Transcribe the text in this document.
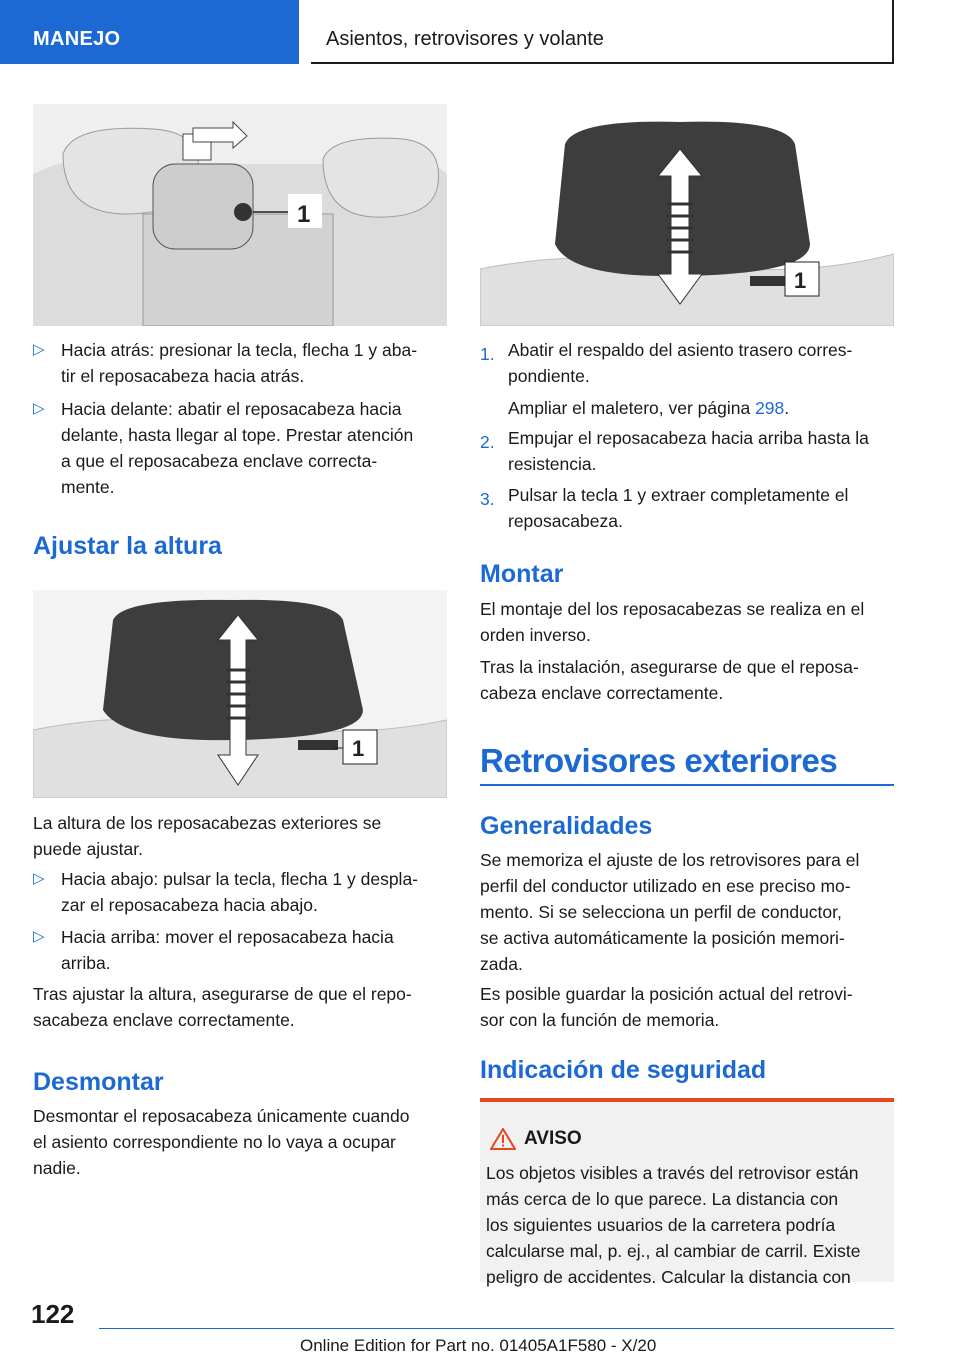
MANEJO	Asientos, retrovisores y volante
1
▷ Hacia atrás: presionar la tecla, flecha 1 y aba-
tir el reposacabeza hacia atrás.
▷ Hacia delante: abatir el reposacabeza hacia
delante, hasta llegar al tope. Prestar atención
a que el reposacabeza enclave correcta-
mente.
Ajustar la altura
1
La altura de los reposacabezas exteriores se
puede ajustar.
▷ Hacia abajo: pulsar la tecla, flecha 1 y despla-
zar el reposacabeza hacia abajo.
▷ Hacia arriba: mover el reposacabeza hacia
arriba.
Tras ajustar la altura, asegurarse de que el repo-
sacabeza enclave correctamente.
Desmontar
Desmontar el reposacabeza únicamente cuando
el asiento correspondiente no lo vaya a ocupar
nadie.
1
1. Abatir el respaldo del asiento trasero corres-
pondiente.
Ampliar el maletero, ver página 298.
2. Empujar el reposacabeza hacia arriba hasta la
resistencia.
3. Pulsar la tecla 1 y extraer completamente el
reposacabeza.
Montar
El montaje del los reposacabezas se realiza en el
orden inverso.
Tras la instalación, asegurarse de que el reposa-
cabeza enclave correctamente.
Retrovisores exteriores
Generalidades
Se memoriza el ajuste de los retrovisores para el
perfil del conductor utilizado en ese preciso mo-
mento. Si se selecciona un perfil de conductor,
se activa automáticamente la posición memori-
zada.
Es posible guardar la posición actual del retrovi-
sor con la función de memoria.
Indicación de seguridad
AVISO
Los objetos visibles a través del retrovisor están
más cerca de lo que parece. La distancia con
los siguientes usuarios de la carretera podría
calcularse mal, p. ej., al cambiar de carril. Existe
peligro de accidentes. Calcular la distancia con
122
Online Edition for Part no. 01405A1F580 - X/20
